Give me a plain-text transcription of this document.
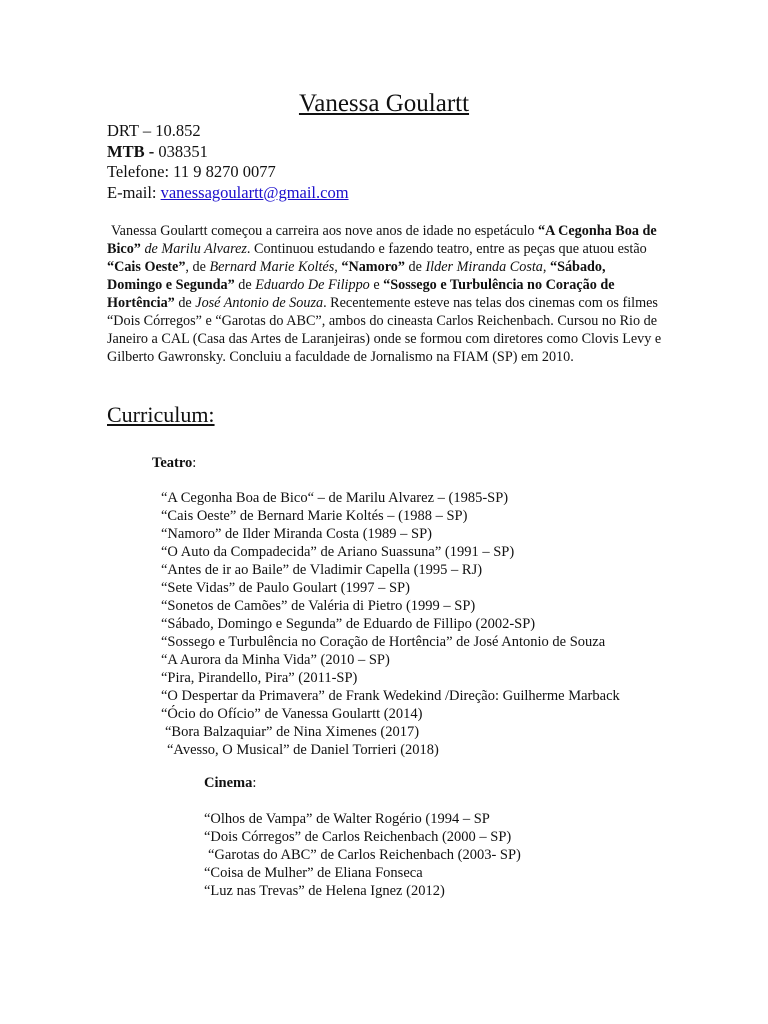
Vanessa Goulartt
DRT – 10.852
MTB - 038351
Telefone: 11 9 8270 0077
E-mail: vanessagoulartt@gmail.com

Vanessa Goulartt começou a carreira aos nove anos de idade no espetáculo “A Cegonha Boa de Bico” de Marilu Alvarez. Continuou estudando e fazendo teatro, entre as peças que atuou estão “Cais Oeste”, de Bernard Marie Koltés, “Namoro” de Ilder Miranda Costa, “Sábado, Domingo e Segunda” de Eduardo De Filippo e “Sossego e Turbulência no Coração de Hortência” de José Antonio de Souza. Recentemente esteve nas telas dos cinemas com os filmes “Dois Córregos” e “Garotas do ABC”, ambos do cineasta Carlos Reichenbach. Cursou no Rio de Janeiro a CAL (Casa das Artes de Laranjeiras) onde se formou com diretores como Clovis Levy e Gilberto Gawronsky. Concluiu a faculdade de Jornalismo na FIAM (SP) em 2010.

Curriculum:
Teatro:
“A Cegonha Boa de Bico“ – de Marilu Alvarez – (1985-SP)
“Cais Oeste” de Bernard Marie Koltés – (1988 – SP)
“Namoro” de Ilder Miranda Costa (1989 – SP)
“O Auto da Compadecida” de Ariano Suassuna” (1991 – SP)
“Antes de ir ao Baile” de Vladimir Capella (1995 – RJ)
“Sete Vidas” de Paulo Goulart (1997 – SP)
“Sonetos de Camões” de Valéria di Pietro (1999 – SP)
“Sábado, Domingo e Segunda” de Eduardo de Fillipo (2002-SP)
“Sossego e Turbulência no Coração de Hortência” de José Antonio de Souza
“A Aurora da Minha Vida” (2010 – SP)
“Pira, Pirandello, Pira” (2011-SP)
“O Despertar da Primavera” de Frank Wedekind /Direção: Guilherme Marback
“Ócio do Ofício” de Vanessa Goulartt (2014)
“Bora Balzaquiar” de Nina Ximenes (2017)
“Avesso, O Musical” de Daniel Torrieri (2018)
Cinema:
“Olhos de Vampa” de Walter Rogério (1994 – SP
“Dois Córregos” de Carlos Reichenbach (2000 – SP)
“Garotas do ABC” de Carlos Reichenbach (2003- SP)
“Coisa de Mulher” de Eliana Fonseca
“Luz nas Trevas” de Helena Ignez (2012)
